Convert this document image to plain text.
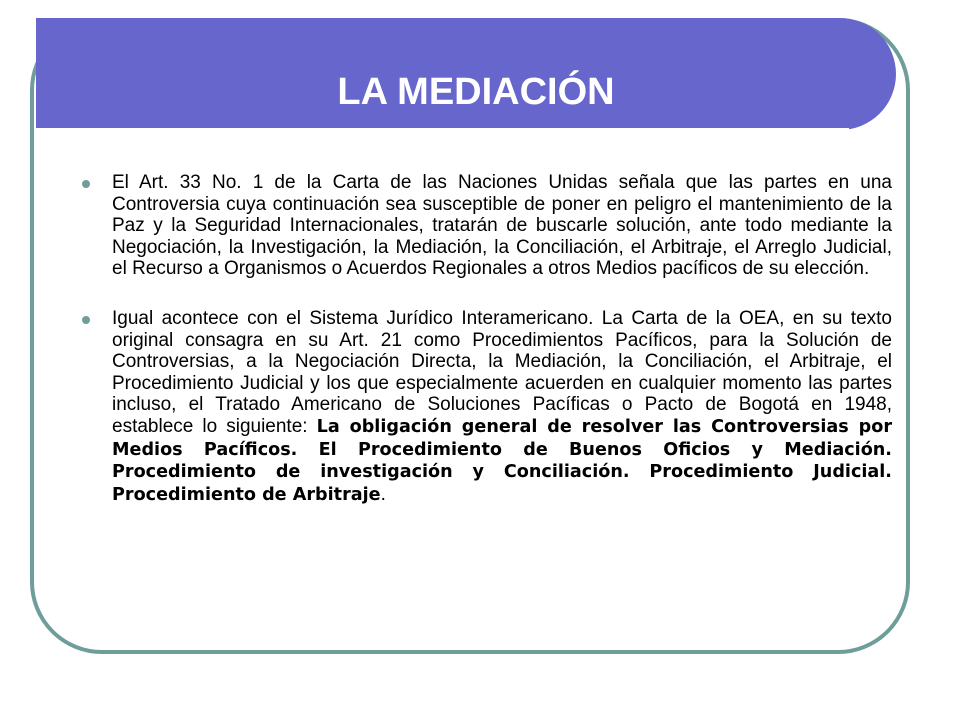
LA MEDIACIÓN
El Art. 33 No. 1 de la Carta de las Naciones Unidas señala que las partes en una Controversia cuya continuación sea susceptible de poner en peligro el mantenimiento de la Paz y la Seguridad Internacionales, tratarán de buscarle solución, ante todo mediante la Negociación, la Investigación, la Mediación, la Conciliación, el Arbitraje, el Arreglo Judicial, el Recurso a Organismos o Acuerdos Regionales a otros Medios pacíficos de su elección.
Igual acontece con el Sistema Jurídico Interamericano. La Carta de la OEA, en su texto original consagra en su Art. 21 como Procedimientos Pacíficos, para la Solución de Controversias, a la Negociación Directa, la Mediación, la Conciliación, el Arbitraje, el Procedimiento Judicial y los que especialmente acuerden en cualquier momento las partes incluso, el Tratado Americano de Soluciones Pacíficas o Pacto de Bogotá en 1948, establece lo siguiente: La obligación general de resolver las Controversias por Medios Pacíficos. El Procedimiento de Buenos Oficios y Mediación. Procedimiento de investigación y Conciliación. Procedimiento Judicial. Procedimiento de Arbitraje.
